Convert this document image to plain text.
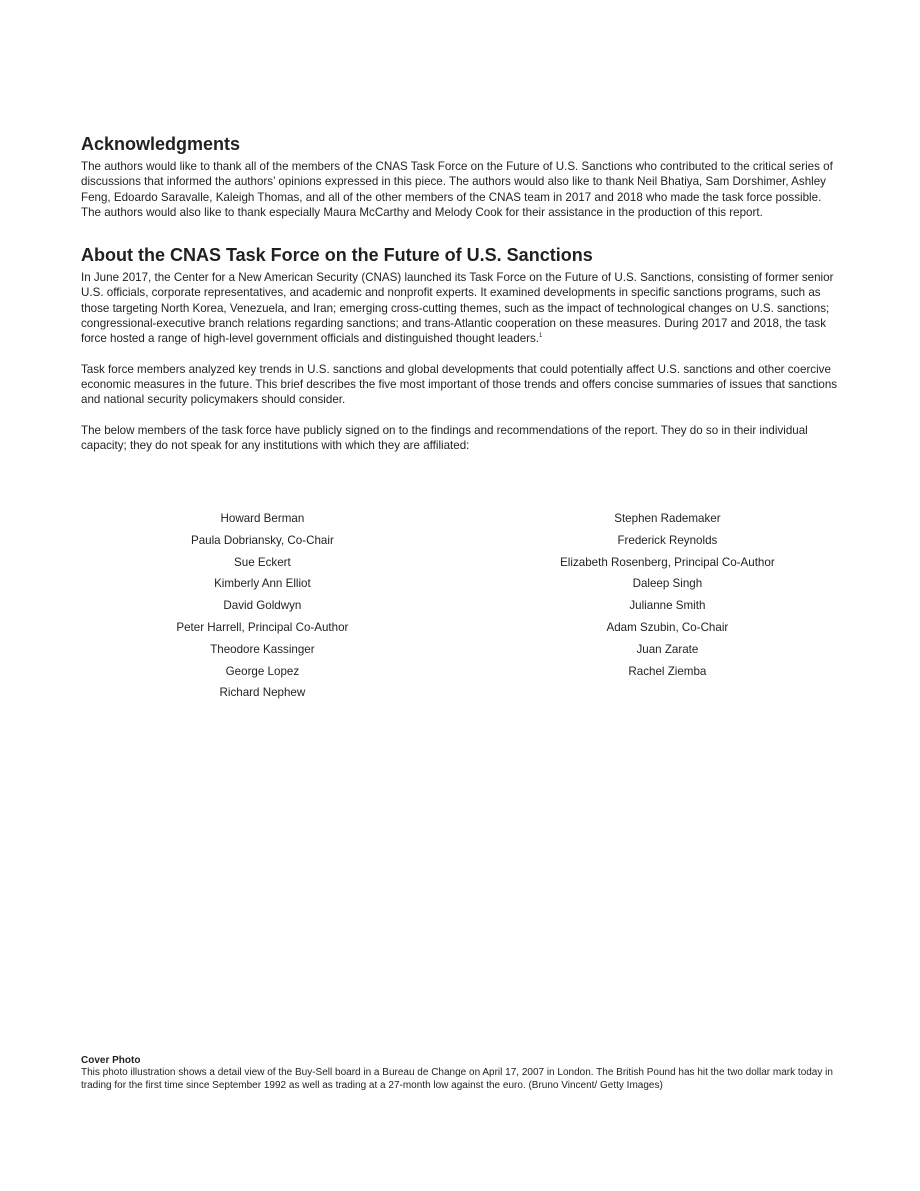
Acknowledgments

The authors would like to thank all of the members of the CNAS Task Force on the Future of U.S. Sanctions who contributed to the critical series of discussions that informed the authors’ opinions expressed in this piece. The authors would also like to thank Neil Bhatiya, Sam Dorshimer, Ashley Feng, Edoardo Saravalle, Kaleigh Thomas, and all of the other members of the CNAS team in 2017 and 2018 who made the task force possible. The authors would also like to thank especially Maura McCarthy and Melody Cook for their assistance in the production of this report.

About the CNAS Task Force on the Future of U.S. Sanctions

In June 2017, the Center for a New American Security (CNAS) launched its Task Force on the Future of U.S. Sanctions, consisting of former senior U.S. officials, corporate representatives, and academic and nonprofit experts. It examined developments in specific sanctions programs, such as those targeting North Korea, Venezuela, and Iran; emerging cross-cutting themes, such as the impact of technological changes on U.S. sanctions; congressional-executive branch relations regarding sanctions; and trans-Atlantic cooperation on these measures. During 2017 and 2018, the task force hosted a range of high-level government officials and distinguished thought leaders.$^1$

Task force members analyzed key trends in U.S. sanctions and global developments that could potentially affect U.S. sanctions and other coercive economic measures in the future. This brief describes the five most important of those trends and offers concise summaries of issues that sanctions and national security policymakers should consider.

The below members of the task force have publicly signed on to the findings and recommendations of the report. They do so in their individual capacity; they do not speak for any institutions with which they are affiliated:

Howard Berman
Paula Dobriansky, Co-Chair
Sue Eckert
Kimberly Ann Elliot
David Goldwyn
Peter Harrell, Principal Co-Author
Theodore Kassinger
George Lopez
Richard Nephew
Stephen Rademaker
Frederick Reynolds
Elizabeth Rosenberg, Principal Co-Author
Daleep Singh
Julianne Smith
Adam Szubin, Co-Chair
Juan Zarate
Rachel Ziemba
Cover Photo
This photo illustration shows a detail view of the Buy-Sell board in a Bureau de Change on April 17, 2007 in London. The British Pound has hit the two dollar mark today in trading for the first time since September 1992 as well as trading at a 27-month low against the euro. (Bruno Vincent/ Getty Images)
